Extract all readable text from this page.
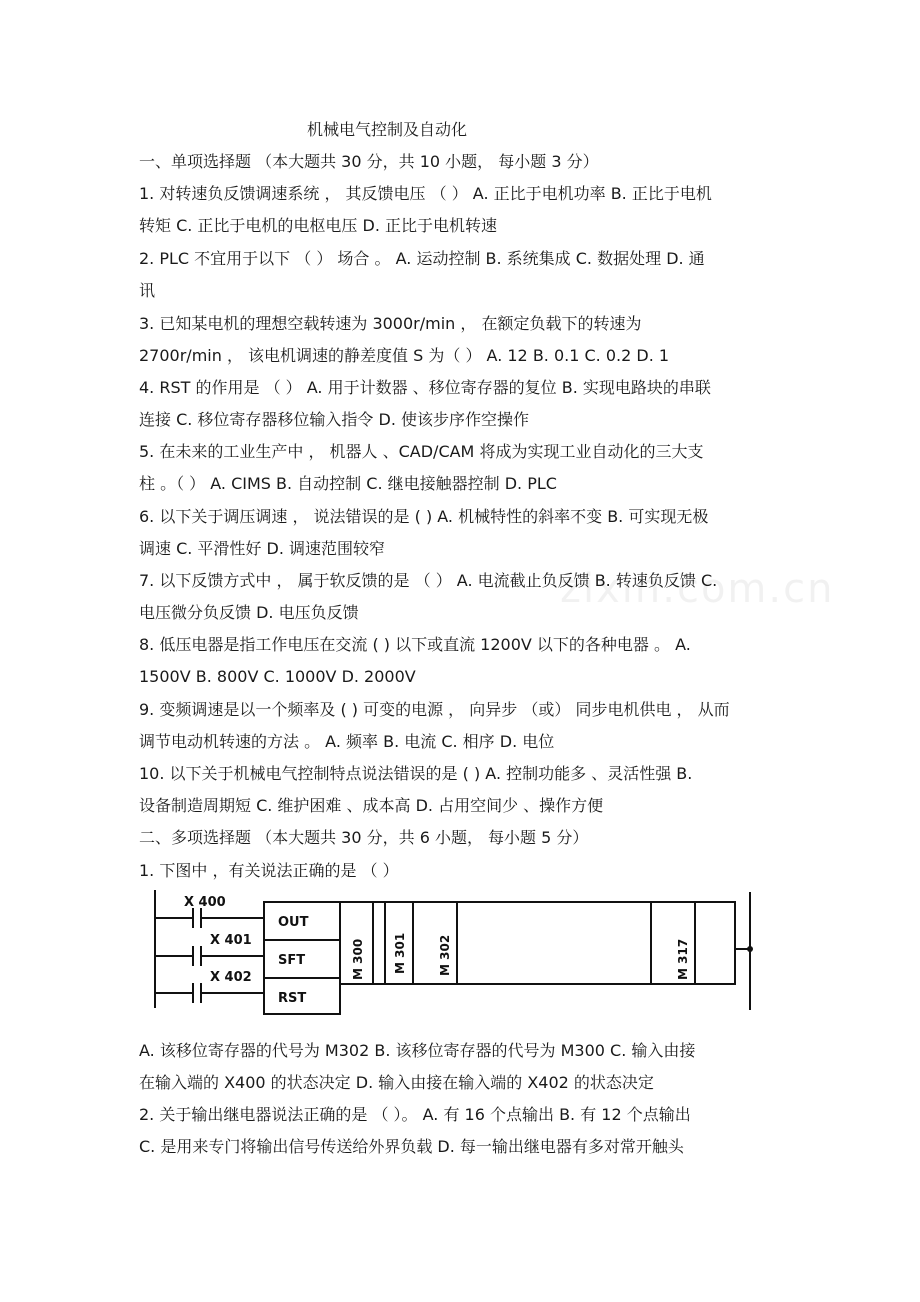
机械电气控制及自动化
zixin.com.cn
一、单项选择题 （本大题共 30 分，共 10 小题， 每小题 3 分）
1. 对转速负反馈调速系统 ， 其反馈电压 （ ） A. 正比于电机功率 B. 正比于电机
转矩 C. 正比于电机的电枢电压 D. 正比于电机转速
2. PLC 不宜用于以下 （ ） 场合 。 A. 运动控制 B. 系统集成 C. 数据处理 D. 通
讯
3. 已知某电机的理想空载转速为 3000r/min ， 在额定负载下的转速为
2700r/min ， 该电机调速的静差度值 S 为（ ） A. 12 B. 0.1 C. 0.2 D. 1
4. RST 的作用是 （ ） A. 用于计数器 、移位寄存器的复位 B. 实现电路块的串联
连接 C. 移位寄存器移位输入指令 D. 使该步序作空操作
5. 在未来的工业生产中 ， 机器人 、CAD/CAM 将成为实现工业自动化的三大支
柱 。（ ） A. CIMS B. 自动控制 C. 继电接触器控制 D. PLC
6. 以下关于调压调速 ， 说法错误的是 ( ) A. 机械特性的斜率不变 B. 可实现无极
调速 C. 平滑性好 D. 调速范围较窄
7. 以下反馈方式中 ， 属于软反馈的是 （ ） A. 电流截止负反馈 B. 转速负反馈 C.
电压微分负反馈 D. 电压负反馈
8. 低压电器是指工作电压在交流 ( ) 以下或直流 1200V 以下的各种电器 。 A.
1500V B. 800V C. 1000V D. 2000V
9. 变频调速是以一个频率及 ( ) 可变的电源 ， 向异步 （或） 同步电机供电 ， 从而
调节电动机转速的方法 。 A. 频率 B. 电流 C. 相序 D. 电位
10. 以下关于机械电气控制特点说法错误的是 ( ) A. 控制功能多 、灵活性强 B.
设备制造周期短 C. 维护困难 、成本高 D. 占用空间少 、操作方便
二、多项选择题 （本大题共 30 分，共 6 小题， 每小题 5 分）
1. 下图中 ，有关说法正确的是 （ ）
X 400
X 401
X 402
OUT
SFT
RST
M 300 M 301	M 302	M 317
A. 该移位寄存器的代号为 M302 B. 该移位寄存器的代号为 M300 C. 输入由接
在输入端的 X400 的状态决定 D. 输入由接在输入端的 X402 的状态决定
2. 关于输出继电器说法正确的是 （ ）。 A. 有 16 个点输出 B. 有 12 个点输出
C. 是用来专门将输出信号传送给外界负载 D. 每一输出继电器有多对常开触头
